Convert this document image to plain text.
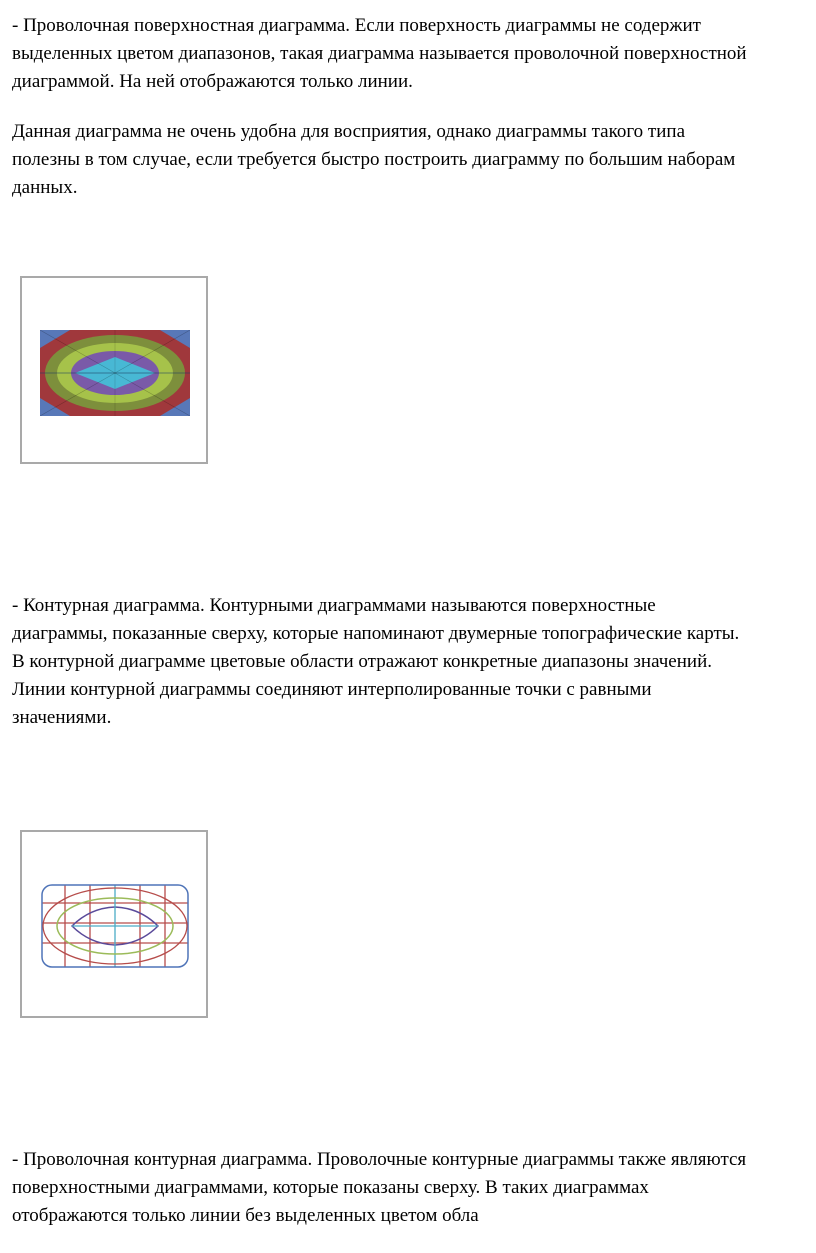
- Проволочная поверхностная диаграмма. Если поверхность диаграммы не содержит
выделенных цветом диапазонов, такая диаграмма называется проволочной поверхностной
диаграммой. На ней отображаются только линии.
Данная диаграмма не очень удобна для восприятия, однако диаграммы такого типа
полезны в том случае, если требуется быстро построить диаграмму по большим наборам
данных.
- Контурная диаграмма. Контурными диаграммами называются поверхностные
диаграммы, показанные сверху, которые напоминают двумерные топографические карты.
В контурной диаграмме цветовые области отражают конкретные диапазоны значений.
Линии контурной диаграммы соединяют интерполированные точки с равными
значениями.
- Проволочная контурная диаграмма. Проволочные контурные диаграммы также являются
поверхностными диаграммами, которые показаны сверху. В таких диаграммах
отображаются только линии без выделенных цветом обла
